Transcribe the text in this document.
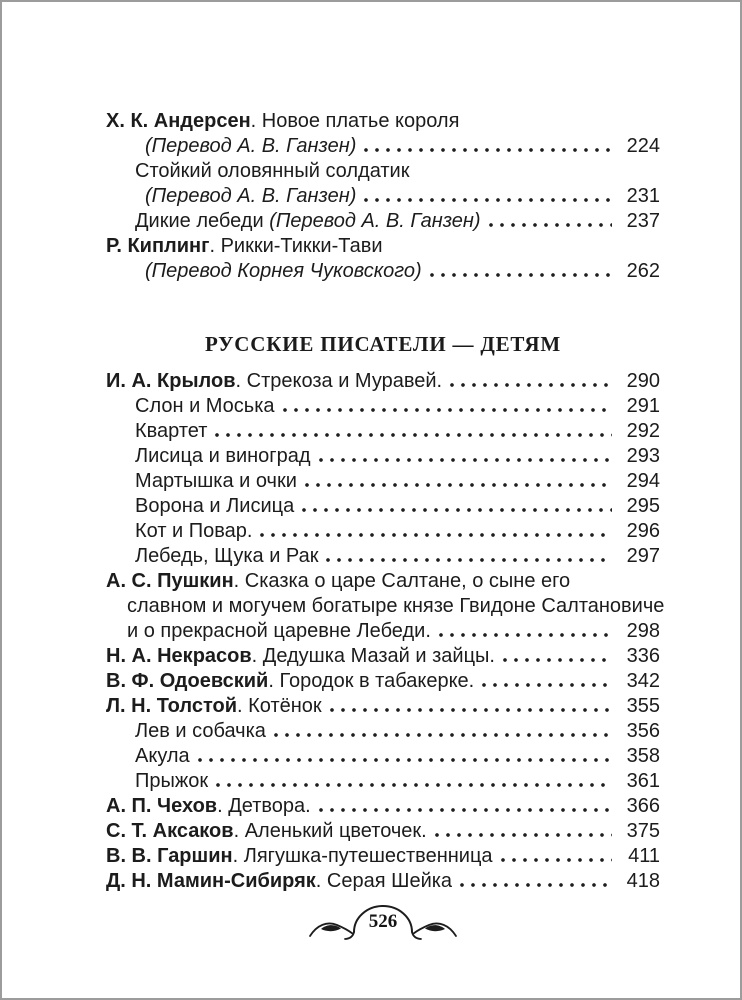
Х. К. Андерсен. Новое платье короля
(Перевод А. В. Ганзен)	224
Стойкий оловянный солдатик
(Перевод А. В. Ганзен)	231
Дикие лебеди (Перевод А. В. Ганзен)	237
Р. Киплинг. Рикки-Тикки-Тави
(Перевод Корнея Чуковского)	262
РУССКИЕ ПИСАТЕЛИ — ДЕТЯМ
И. А. Крылов. Стрекоза и Муравей.	290
Слон и Моська	291
Квартет	292
Лисица и виноград	293
Мартышка и очки	294
Ворона и Лисица	295
Кот и Повар.	296
Лебедь, Щука и Рак	297
А. С. Пушкин. Сказка о царе Салтане, о сыне его
славном и могучем богатыре князе Гвидоне Салтановиче
и о прекрасной царевне Лебеди.	298
Н. А. Некрасов. Дедушка Мазай и зайцы.	336
В. Ф. Одоевский. Городок в табакерке.	342
Л. Н. Толстой. Котёнок	355
Лев и собачка	356
Акула	358
Прыжок	361
А. П. Чехов. Детвора.	366
С. Т. Аксаков. Аленький цветочек.	375
В. В. Гаршин. Лягушка-путешественница	411
Д. Н. Мамин-Сибиряк. Серая Шейка	418
526
